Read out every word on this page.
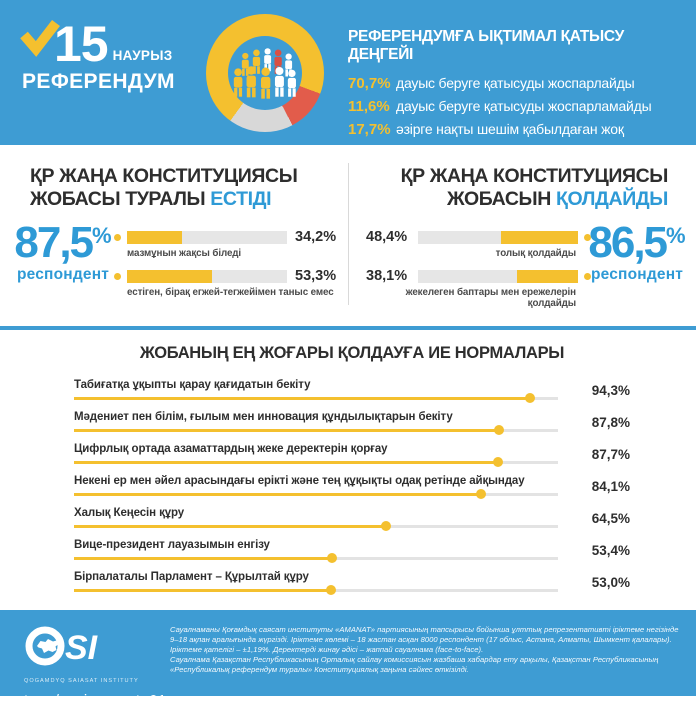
15 НАУРЫЗ
РЕФЕРЕНДУМ
РЕФЕРЕНДУМҒА ЫҚТИМАЛ ҚАТЫСУ ДЕҢГЕЙІ
70,7% дауыс беруге қатысуды жоспарлайды
11,6% дауыс беруге қатысуды жоспарламайды
17,7% әзірге нақты шешім қабылдаған жоқ
ҚР ЖАҢА КОНСТИТУЦИЯСЫ
ЖОБАСЫ ТУРАЛЫ ЕСТІДІ
87,5%
респондент
34,2%
мазмұнын жақсы біледі
53,3%
естіген, бірақ егжей-тегжейімен таныс емес
ҚР ЖАҢА КОНСТИТУЦИЯСЫ
ЖОБАСЫН ҚОЛДАЙДЫ
48,4%
толық қолдайды
38,1%
жекелеген баптары мен ережелерін қолдайды
86,5%
респондент
ЖОБАНЫҢ ЕҢ ЖОҒАРЫ ҚОЛДАУҒА ИЕ НОРМАЛАРЫ
Табиғатқа ұқыпты қарау қағидатын бекіту	94,3%
Мәдениет пен білім, ғылым мен инновация құндылықтарын бекіту	87,8%
Цифрлық ортада азаматтардың жеке деректерін қорғау	87,7%
Некені ер мен әйел арасындағы ерікті және тең құқықты одақ ретінде айқындау	84,1%
Халық Кеңесін құру	64,5%
Вице-президент лауазымын енгізу	53,4%
Бірпалаталы Парламент – Құрылтай құру	53,0%
SI
QOGAMDYQ SAIASAT INSTITUTY
t.me/socioexpert_01
Сауалнаманы Қоғамдық саясат институты «AMANAT» партиясының тапсырысы бойынша ұлттық репрезентативті іріктеме негізінде
9–18 ақпан аралығында жүргізді. Іріктеме көлемі – 18 жастан асқан 8000 респондент (17 облыс, Астана, Алматы, Шымкент қалалары).
Іріктеме қателігі – ±1,19%. Деректерді жинау әдісі – жаппай сауалнама (face-to-face).
Сауалнама Қазақстан Республикасының Орталық сайлау комиссиясын жазбаша хабардар ету арқылы, Қазақстан Республикасының
«Республикалық референдум туралы» Конституциялық заңына сәйкес өткізілді.
